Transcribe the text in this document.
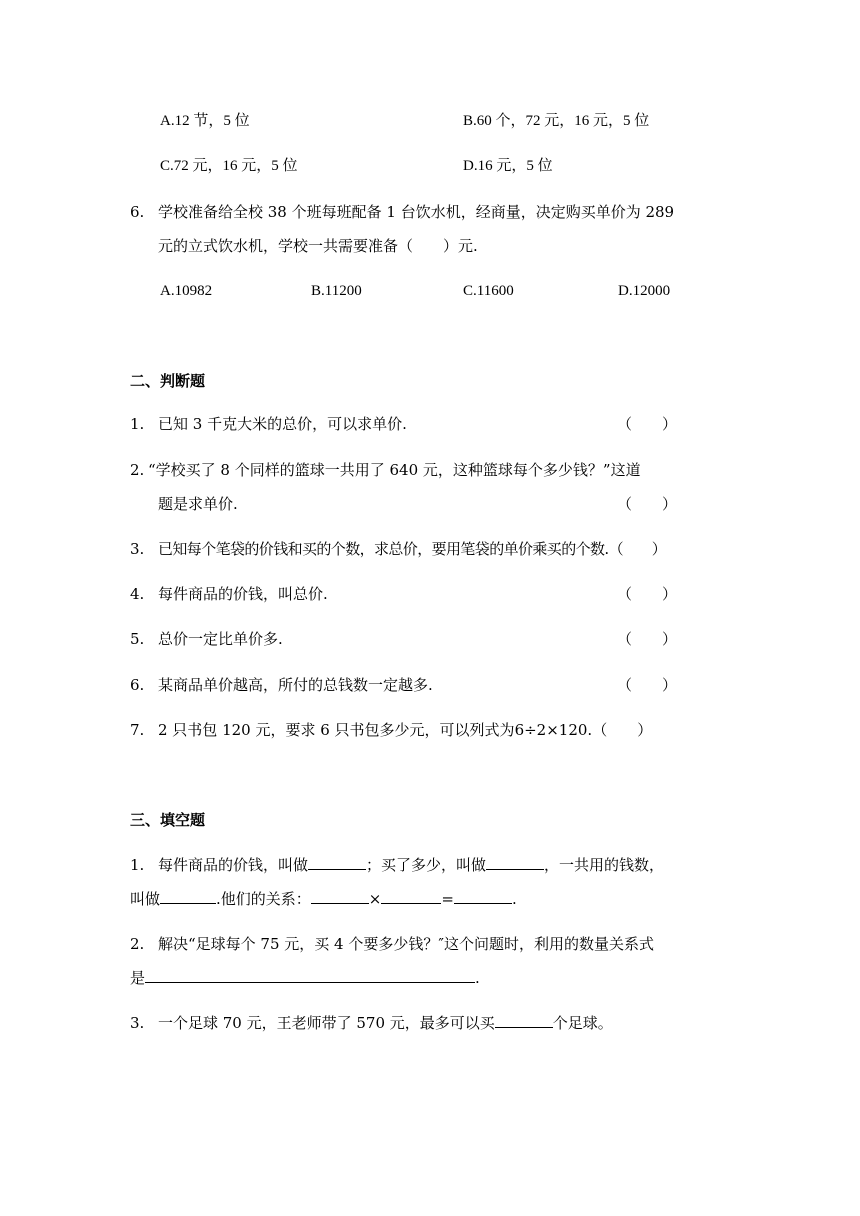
A.12 节，5 位	B.60 个，72 元，16 元，5 位
C.72 元，16 元，5 位	D.16 元，5 位
6. 学校准备给全校 38 个班每班配备 1 台饮水机，经商量，决定购买单价为 289
元的立式饮水机，学校一共需要准备（　　）元.
A.10982	B.11200	C.11600	D.12000
二、判断题
1. 已知 3 千克大米的总价，可以求单价.	（　　）
2. “学校买了 8 个同样的篮球一共用了 640 元，这种篮球每个多少钱？”这道
题是求单价.	（　　）
3. 已知每个笔袋的价钱和买的个数，求总价，要用笔袋的单价乘买的个数.（　　）
4. 每件商品的价钱，叫总价.	（　　）
5. 总价一定比单价多.	（　　）
6. 某商品单价越高，所付的总钱数一定越多.	（　　）
7. 2 只书包 120 元，要求 6 只书包多少元，可以列式为6÷2×120.（　　）
三、填空题
1. 每件商品的价钱，叫做	；买了多少，叫做	，一共用的钱数，
叫做	.他们的关系：	×	=	.
2. 解决“足球每个 75 元，买 4 个要多少钱？″这个问题时，利用的数量关系式
是	.
3. 一个足球 70 元，王老师带了 570 元，最多可以买	个足球。
